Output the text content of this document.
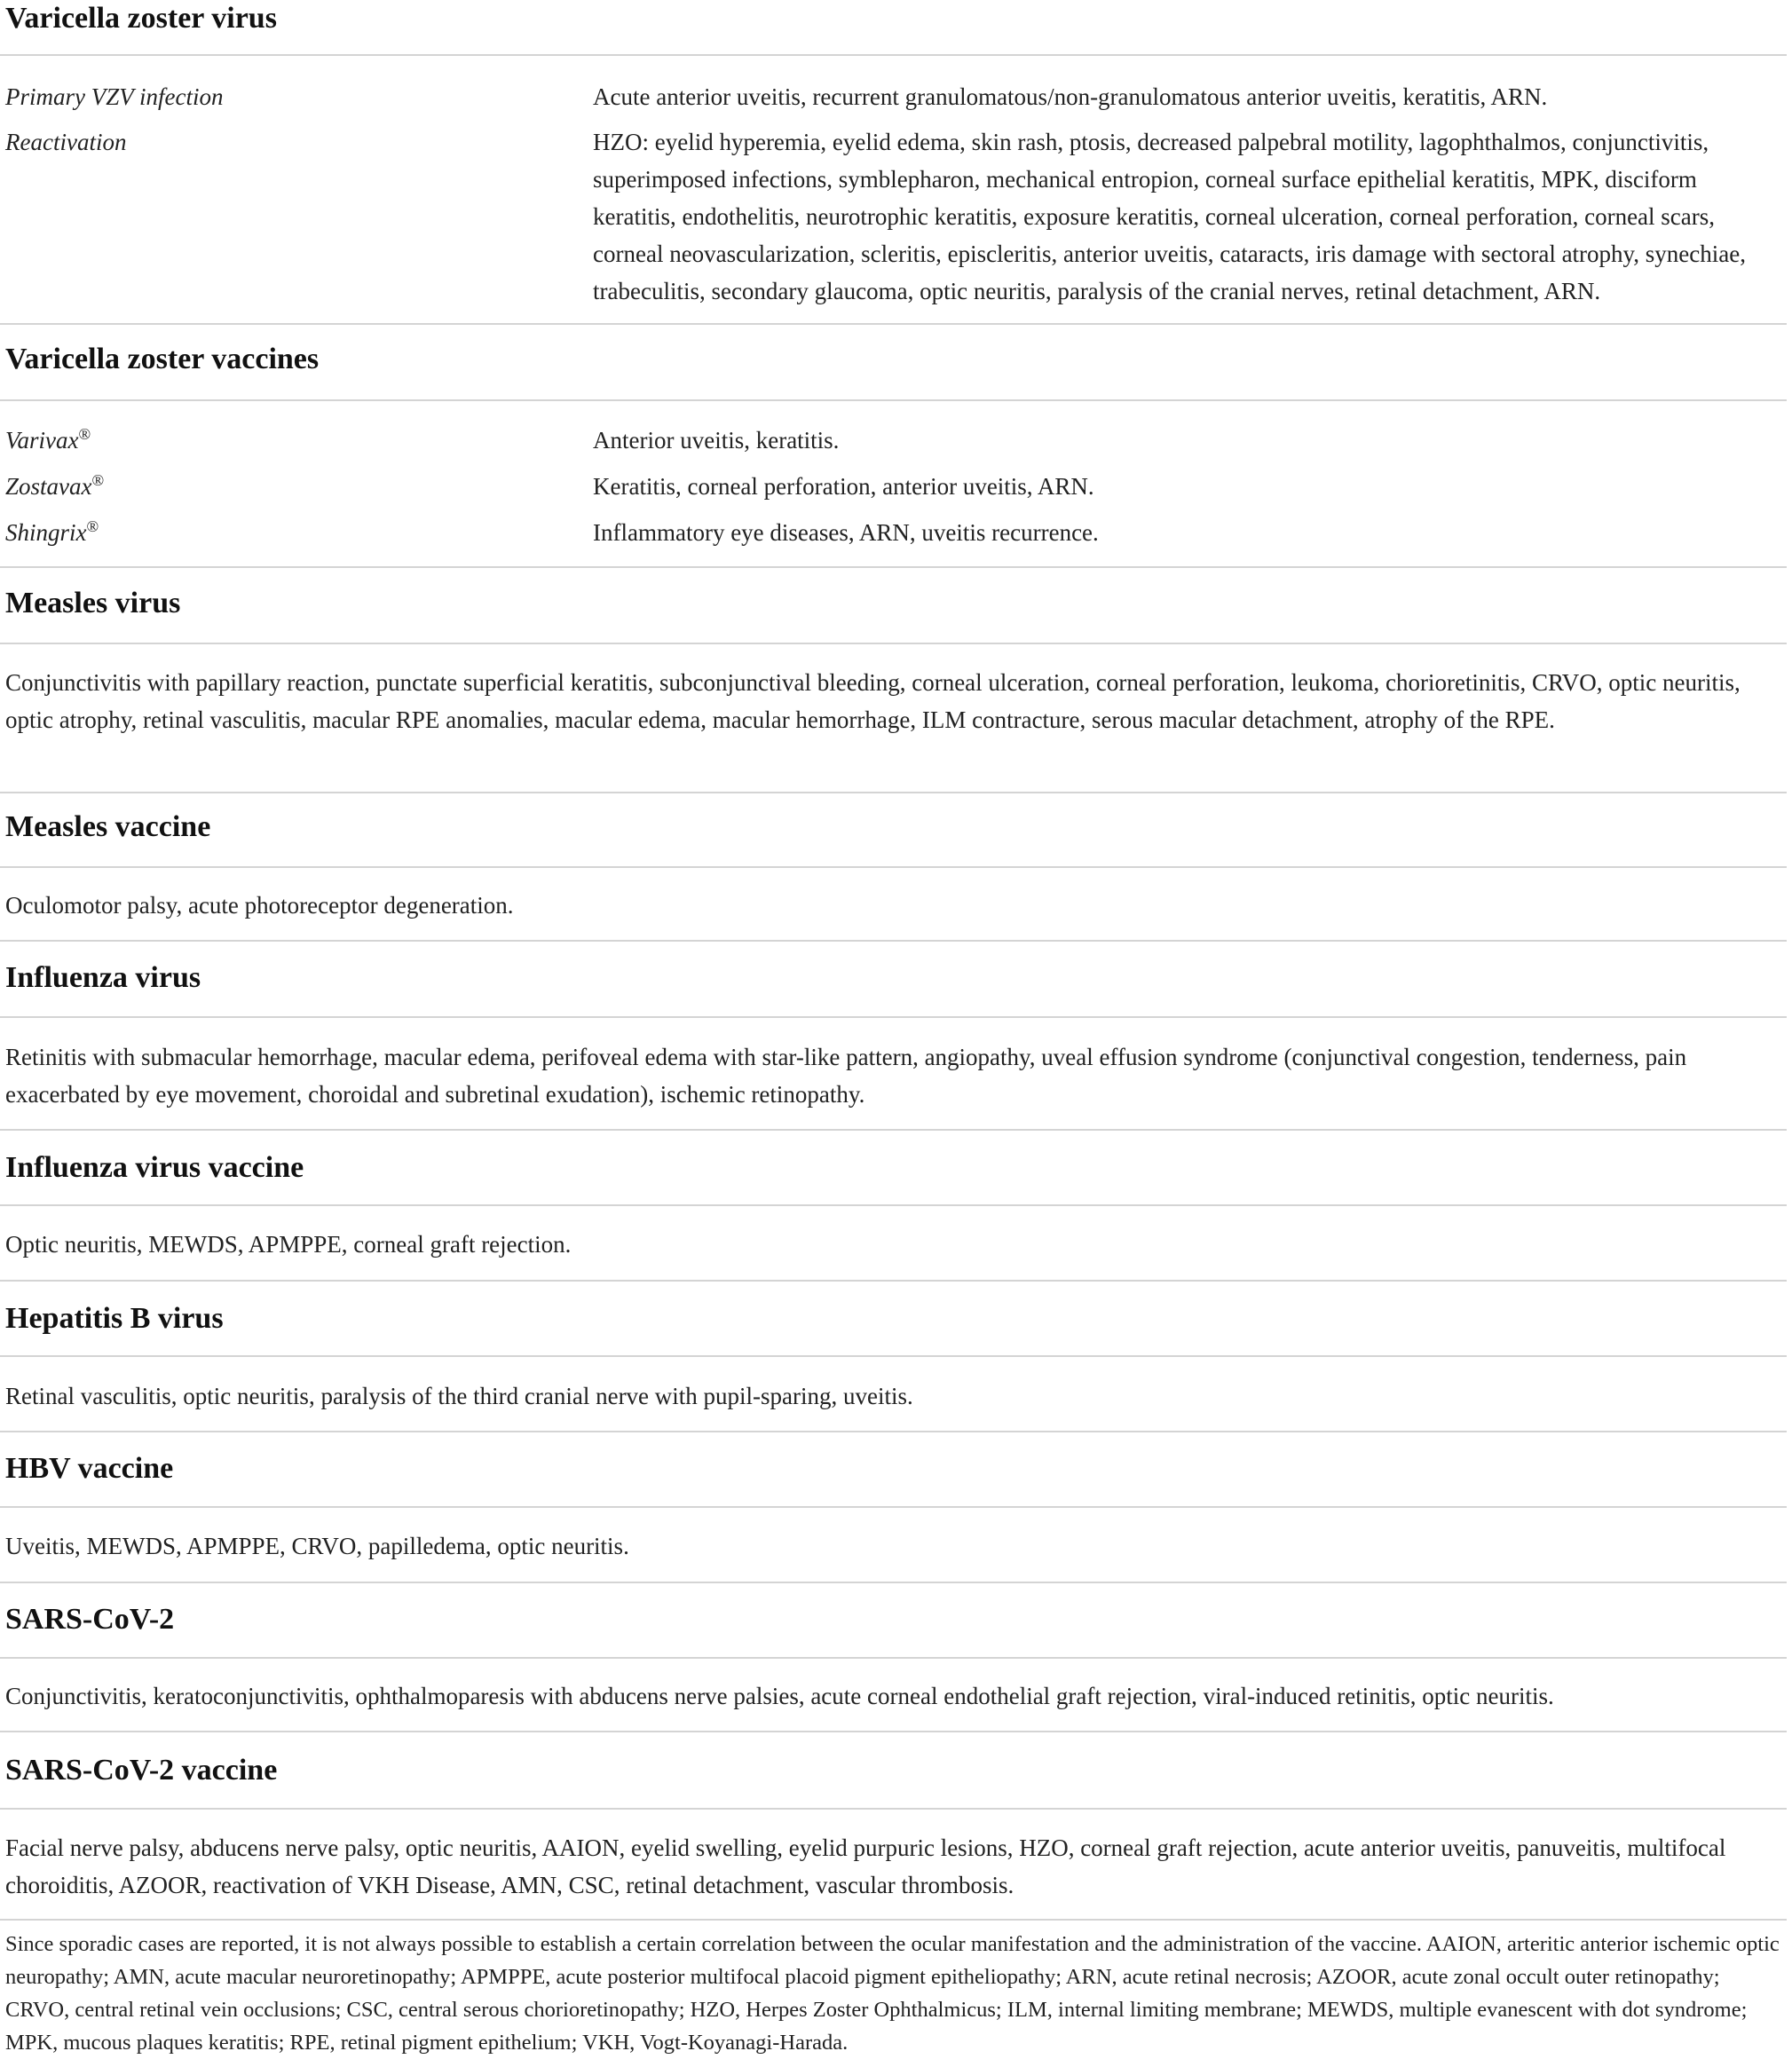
Varicella zoster virus
Primary VZV infection	Acute anterior uveitis, recurrent granulomatous/non-granulomatous anterior uveitis, keratitis, ARN.
Reactivation	HZO: eyelid hyperemia, eyelid edema, skin rash, ptosis, decreased palpebral motility, lagophthalmos, conjunctivitis, superimposed infections, symblepharon, mechanical entropion, corneal surface epithelial keratitis, MPK, disciform keratitis, endothelitis, neurotrophic keratitis, exposure keratitis, corneal ulceration, corneal perforation, corneal scars, corneal neovascularization, scleritis, episcleritis, anterior uveitis, cataracts, iris damage with sectoral atrophy, synechiae, trabeculitis, secondary glaucoma, optic neuritis, paralysis of the cranial nerves, retinal detachment, ARN.
Varicella zoster vaccines
Varivax®	Anterior uveitis, keratitis.
Zostavax®	Keratitis, corneal perforation, anterior uveitis, ARN.
Shingrix®	Inflammatory eye diseases, ARN, uveitis recurrence.
Measles virus
Conjunctivitis with papillary reaction, punctate superficial keratitis, subconjunctival bleeding, corneal ulceration, corneal perforation, leukoma, chorioretinitis, CRVO, optic neuritis, optic atrophy, retinal vasculitis, macular RPE anomalies, macular edema, macular hemorrhage, ILM contracture, serous macular detachment, atrophy of the RPE.
Measles vaccine
Oculomotor palsy, acute photoreceptor degeneration.
Influenza virus
Retinitis with submacular hemorrhage, macular edema, perifoveal edema with star-like pattern, angiopathy, uveal effusion syndrome (conjunctival congestion, tenderness, pain exacerbated by eye movement, choroidal and subretinal exudation), ischemic retinopathy.
Influenza virus vaccine
Optic neuritis, MEWDS, APMPPE, corneal graft rejection.
Hepatitis B virus
Retinal vasculitis, optic neuritis, paralysis of the third cranial nerve with pupil-sparing, uveitis.
HBV vaccine
Uveitis, MEWDS, APMPPE, CRVO, papilledema, optic neuritis.
SARS-CoV-2
Conjunctivitis, keratoconjunctivitis, ophthalmoparesis with abducens nerve palsies, acute corneal endothelial graft rejection, viral-induced retinitis, optic neuritis.
SARS-CoV-2 vaccine
Facial nerve palsy, abducens nerve palsy, optic neuritis, AAION, eyelid swelling, eyelid purpuric lesions, HZO, corneal graft rejection, acute anterior uveitis, panuveitis, multifocal choroiditis, AZOOR, reactivation of VKH Disease, AMN, CSC, retinal detachment, vascular thrombosis.
Since sporadic cases are reported, it is not always possible to establish a certain correlation between the ocular manifestation and the administration of the vaccine. AAION, arteritic anterior ischemic optic neuropathy; AMN, acute macular neuroretinopathy; APMPPE, acute posterior multifocal placoid pigment epitheliopathy; ARN, acute retinal necrosis; AZOOR, acute zonal occult outer retinopathy; CRVO, central retinal vein occlusions; CSC, central serous chorioretinopathy; HZO, Herpes Zoster Ophthalmicus; ILM, internal limiting membrane; MEWDS, multiple evanescent with dot syndrome; MPK, mucous plaques keratitis; RPE, retinal pigment epithelium; VKH, Vogt-Koyanagi-Harada.
